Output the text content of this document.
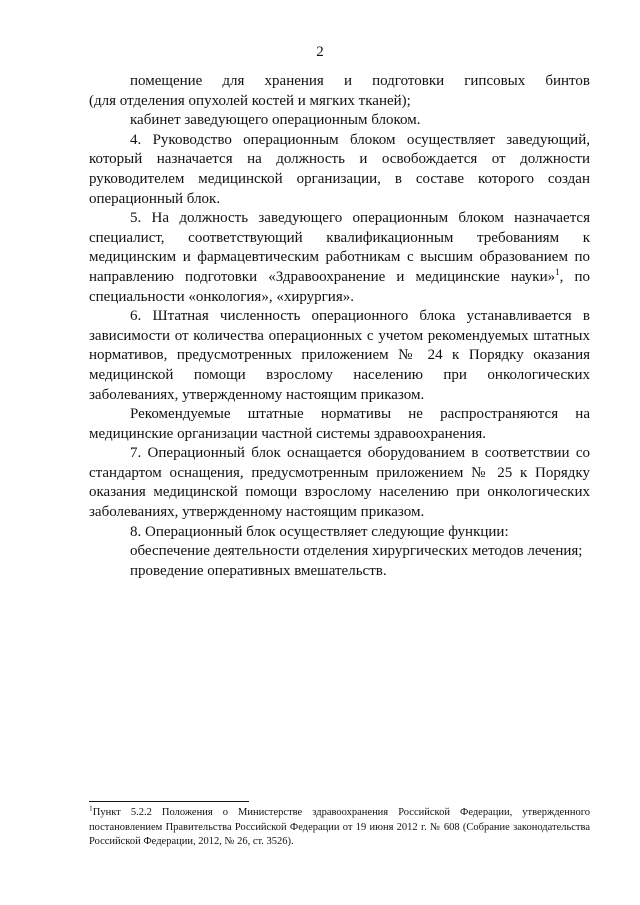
2

помещение для хранения и подготовки гипсовых бинтов

(для отделения опухолей костей и мягких тканей);

кабинет заведующего операционным блоком.

4. Руководство операционным блоком осуществляет заведующий, который назначается на должность и освобождается от должности руководителем медицинской организации, в составе которого создан операционный блок.

5. На должность заведующего операционным блоком назначается специалист, соответствующий квалификационным требованиям к медицинским и фармацевтическим работникам с высшим образованием по направлению подготовки «Здравоохранение и медицинские науки»$^1$, по специальности «онкология», «хирургия».

6. Штатная численность операционного блока устанавливается в зависимости от количества операционных с учетом рекомендуемых штатных нормативов, предусмотренных приложением № 24 к Порядку оказания медицинской помощи взрослому населению при онкологических заболеваниях, утвержденному настоящим приказом.

Рекомендуемые штатные нормативы не распространяются на медицинские организации частной системы здравоохранения.

7. Операционный блок оснащается оборудованием в соответствии со стандартом оснащения, предусмотренным приложением № 25 к Порядку оказания медицинской помощи взрослому населению при онкологических заболеваниях, утвержденному настоящим приказом.

8. Операционный блок осуществляет следующие функции:

обеспечение деятельности отделения хирургических методов лечения;

проведение оперативных вмешательств.

$^1$Пункт 5.2.2 Положения о Министерстве здравоохранения Российской Федерации, утвержденного постановлением Правительства Российской Федерации от 19 июня 2012 г. № 608 (Собрание законодательства Российской Федерации, 2012, № 26, ст. 3526).
